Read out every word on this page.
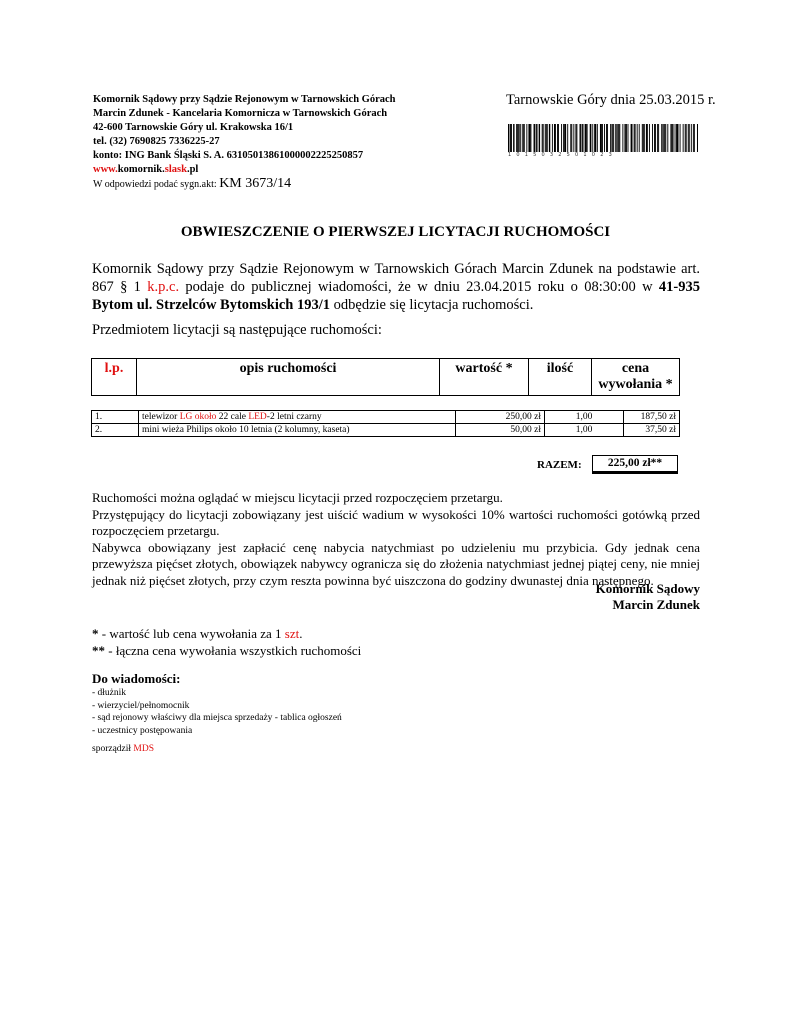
Komornik Sądowy przy Sądzie Rejonowym w Tarnowskich Górach
Marcin Zdunek - Kancelaria Komornicza w Tarnowskich Górach
42-600 Tarnowskie Góry ul. Krakowska 16/1
tel. (32) 7690825 7336225-27
konto: ING Bank Śląski S. A. 63105013861000002225250857
www.komornik.slask.pl
W odpowiedzi podać sygn.akt: KM 3673/14
Tarnowskie Góry dnia 25.03.2015 r.
1015032501023
OBWIESZCZENIE O PIERWSZEJ LICYTACJI RUCHOMOŚCI
Komornik Sądowy przy Sądzie Rejonowym w Tarnowskich Górach Marcin Zdunek na podstawie art. 867 § 1 k.p.c. podaje do publicznej wiadomości, że w dniu 23.04.2015 roku o 08:30:00 w 41-935 Bytom ul. Strzelców Bytomskich 193/1 odbędzie się licytacja ruchomości.
Przedmiotem licytacji są następujące ruchomości:
l.p.	opis ruchomości	wartość *	ilość	cena
wywołania *
1.	telewizor LG około 22 cale LED-2 letni czarny	250,00 zł	1,00	187,50 zł
2.	mini wieża Philips około 10 letnia (2 kolumny, kaseta)	50,00 zł	1,00	37,50 zł
RAZEM:	225,00 zł**
Ruchomości można oglądać w miejscu licytacji przed rozpoczęciem przetargu.
Przystępujący do licytacji zobowiązany jest uiścić wadium w wysokości 10% wartości ruchomości gotówką przed rozpoczęciem przetargu.
Nabywca obowiązany jest zapłacić cenę nabycia natychmiast po udzieleniu mu przybicia. Gdy jednak cena przewyższa pięćset złotych, obowiązek nabywcy ogranicza się do złożenia natychmiast jednej piątej ceny, nie mniej jednak niż pięćset złotych, przy czym reszta powinna być uiszczona do godziny dwunastej dnia następnego.
Komornik Sądowy
Marcin Zdunek
* - wartość lub cena wywołania za 1 szt.
** - łączna cena wywołania wszystkich ruchomości
Do wiadomości:
- dłużnik
- wierzyciel/pełnomocnik
- sąd rejonowy właściwy dla miejsca sprzedaży - tablica ogłoszeń
- uczestnicy postępowania
sporządził MDS
